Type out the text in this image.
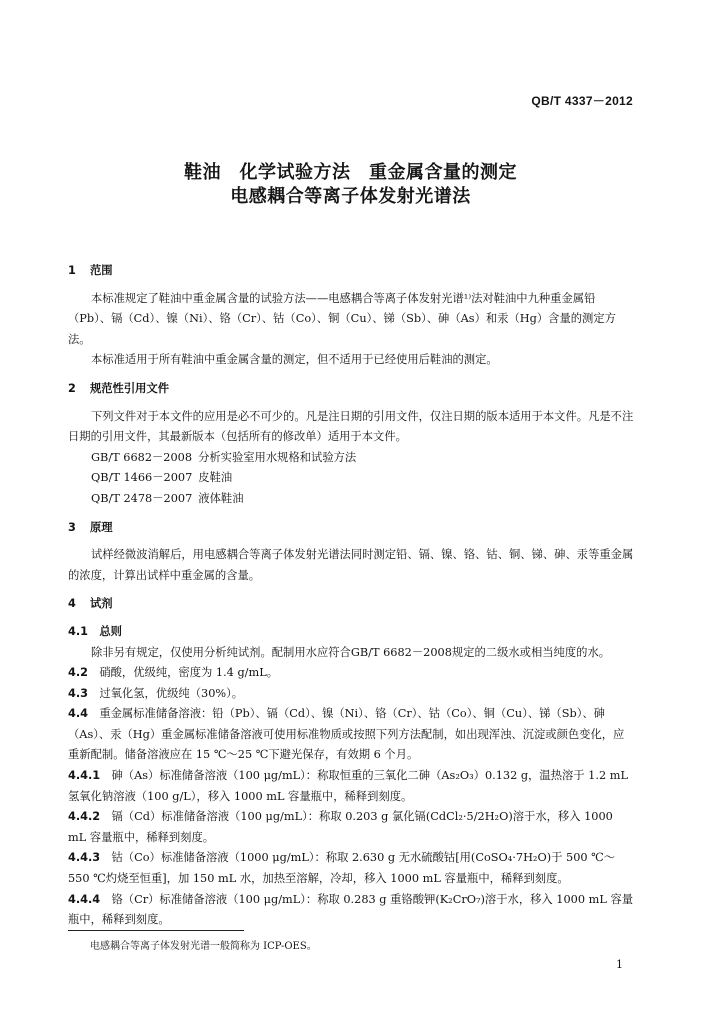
QB/T 4337－2012
鞋油　化学试验方法　重金属含量的测定
电感耦合等离子体发射光谱法

1 范围

本标准规定了鞋油中重金属含量的试验方法——电感耦合等离子体发射光谱¹⁾法对鞋油中九种重金属铅（Pb）、镉（Cd）、镍（Ni）、铬（Cr）、钴（Co）、铜（Cu）、锑（Sb）、砷（As）和汞（Hg）含量的测定方法。

本标准适用于所有鞋油中重金属含量的测定，但不适用于已经使用后鞋油的测定。

2 规范性引用文件

下列文件对于本文件的应用是必不可少的。凡是注日期的引用文件，仅注日期的版本适用于本文件。凡是不注日期的引用文件，其最新版本（包括所有的修改单）适用于本文件。

GB/T 6682－2008 分析实验室用水规格和试验方法

QB/T 1466－2007 皮鞋油

QB/T 2478－2007 液体鞋油

3 原理

试样经微波消解后，用电感耦合等离子体发射光谱法同时测定铅、镉、镍、铬、钴、铜、锑、砷、汞等重金属的浓度，计算出试样中重金属的含量。

4 试剂

4.1　 总则

除非另有规定，仅使用分析纯试剂。配制用水应符合GB/T 6682－2008规定的二级水或相当纯度的水。

4.2　 硝酸，优级纯，密度为 1.4 g/mL。

4.3　 过氧化氢，优级纯（30%）。

4.4　 重金属标准储备溶液：铅（Pb）、镉（Cd）、镍（Ni）、铬（Cr）、钴（Co）、铜（Cu）、锑（Sb）、砷（As）、汞（Hg）重金属标准储备溶液可使用标准物质或按照下列方法配制，如出现浑浊、沉淀或颜色变化，应重新配制。储备溶液应在 15 ℃～25 ℃下避光保存，有效期 6 个月。

4.4.1　 砷（As）标准储备溶液（100 μg/mL）：称取恒重的三氧化二砷（As₂O₃）0.132 g，温热溶于 1.2 mL 氢氧化钠溶液（100 g/L），移入 1000 mL 容量瓶中，稀释到刻度。

4.4.2　 镉（Cd）标准储备溶液（100 μg/mL）：称取 0.203 g 氯化镉(CdCl₂·5/2H₂O)溶于水，移入 1000 mL 容量瓶中，稀释到刻度。

4.4.3　 钴（Co）标准储备溶液（1000 μg/mL）：称取 2.630 g 无水硫酸钴[用(CoSO₄·7H₂O)于 500 ℃～550 ℃灼烧至恒重]，加 150 mL 水，加热至溶解，冷却，移入 1000 mL 容量瓶中，稀释到刻度。

4.4.4　 铬（Cr）标准储备溶液（100 μg/mL）：称取 0.283 g 重铬酸钾(K₂CrO₇)溶于水，移入 1000 mL 容量瓶中，稀释到刻度。

电感耦合等离子体发射光谱一般简称为 ICP-OES。
1
